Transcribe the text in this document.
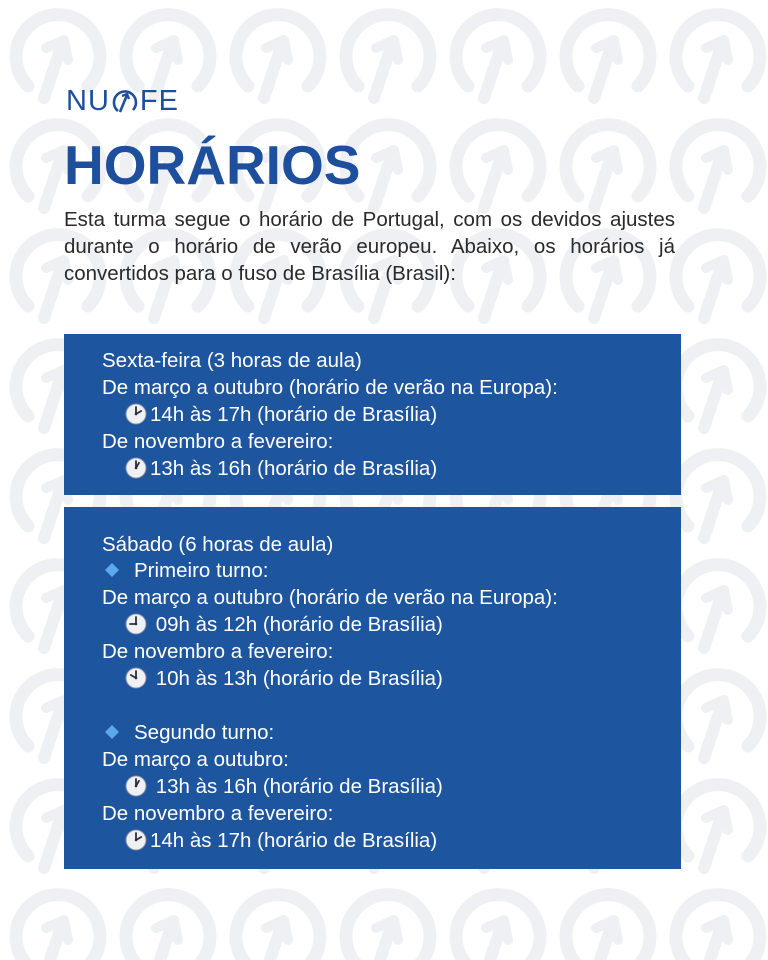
NU FE
HORÁRIOS

Esta turma segue o horário de Portugal, com os devidos ajustes durante o horário de verão europeu. Abaixo, os horários já convertidos para o fuso de Brasília (Brasil):

Sexta-feira (3 horas de aula)
De março a outubro (horário de verão na Europa):
14h às 17h (horário de Brasília)
De novembro a fevereiro:
13h às 16h (horário de Brasília)
Sábado (6 horas de aula)
Primeiro turno:
De março a outubro (horário de verão na Europa):
09h às 12h (horário de Brasília)
De novembro a fevereiro:
10h às 13h (horário de Brasília)
Segundo turno:
De março a outubro:
13h às 16h (horário de Brasília)
De novembro a fevereiro:
14h às 17h (horário de Brasília)
